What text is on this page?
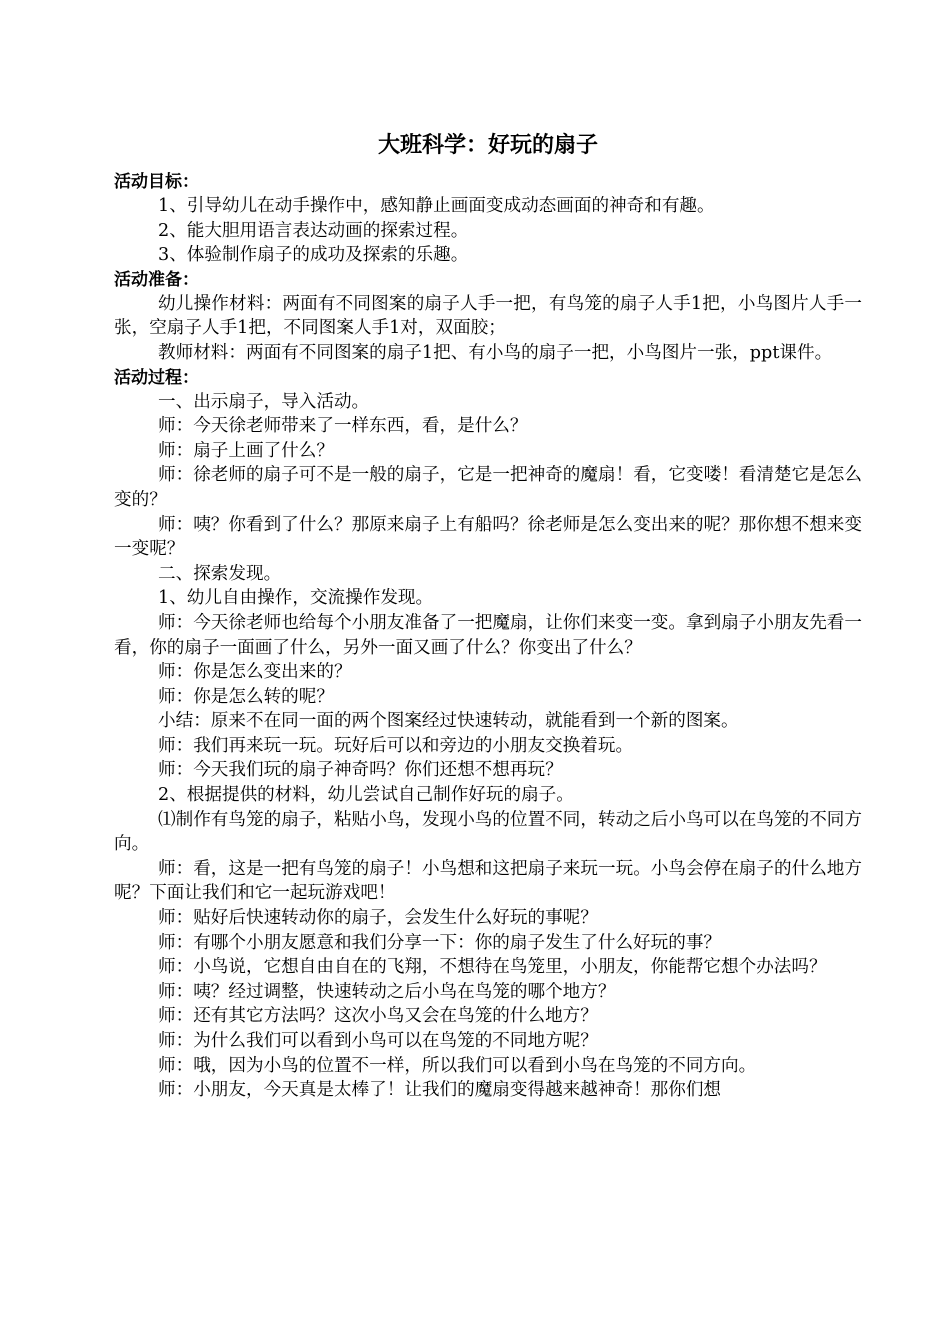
大班科学：好玩的扇子

活动目标：

1、引导幼儿在动手操作中，感知静止画面变成动态画面的神奇和有趣。

2、能大胆用语言表达动画的探索过程。

3、体验制作扇子的成功及探索的乐趣。

活动准备：

幼儿操作材料：两面有不同图案的扇子人手一把，有鸟笼的扇子人手1把，小鸟图片人手一张，空扇子人手1把，不同图案人手1对，双面胶；

教师材料：两面有不同图案的扇子1把、有小鸟的扇子一把，小鸟图片一张，ppt课件。

活动过程：

一、出示扇子，导入活动。

师：今天徐老师带来了一样东西，看，是什么？

师：扇子上画了什么？

师：徐老师的扇子可不是一般的扇子，它是一把神奇的魔扇！看，它变喽！看清楚它是怎么变的？

师：咦？你看到了什么？那原来扇子上有船吗？徐老师是怎么变出来的呢？那你想不想来变一变呢？

二、探索发现。

1、幼儿自由操作，交流操作发现。

师：今天徐老师也给每个小朋友准备了一把魔扇，让你们来变一变。拿到扇子小朋友先看一看，你的扇子一面画了什么，另外一面又画了什么？你变出了什么？

师：你是怎么变出来的？

师：你是怎么转的呢？

小结：原来不在同一面的两个图案经过快速转动，就能看到一个新的图案。

师：我们再来玩一玩。玩好后可以和旁边的小朋友交换着玩。

师：今天我们玩的扇子神奇吗？你们还想不想再玩？

2、根据提供的材料，幼儿尝试自己制作好玩的扇子。

⑴制作有鸟笼的扇子，粘贴小鸟，发现小鸟的位置不同，转动之后小鸟可以在鸟笼的不同方向。

师：看，这是一把有鸟笼的扇子！小鸟想和这把扇子来玩一玩。小鸟会停在扇子的什么地方呢？下面让我们和它一起玩游戏吧！

师：贴好后快速转动你的扇子，会发生什么好玩的事呢？

师：有哪个小朋友愿意和我们分享一下：你的扇子发生了什么好玩的事？

师：小鸟说，它想自由自在的飞翔，不想待在鸟笼里，小朋友，你能帮它想个办法吗？

师：咦？经过调整，快速转动之后小鸟在鸟笼的哪个地方？

师：还有其它方法吗？这次小鸟又会在鸟笼的什么地方？

师：为什么我们可以看到小鸟可以在鸟笼的不同地方呢？

师：哦，因为小鸟的位置不一样，所以我们可以看到小鸟在鸟笼的不同方向。

师：小朋友，今天真是太棒了！让我们的魔扇变得越来越神奇！那你们想
